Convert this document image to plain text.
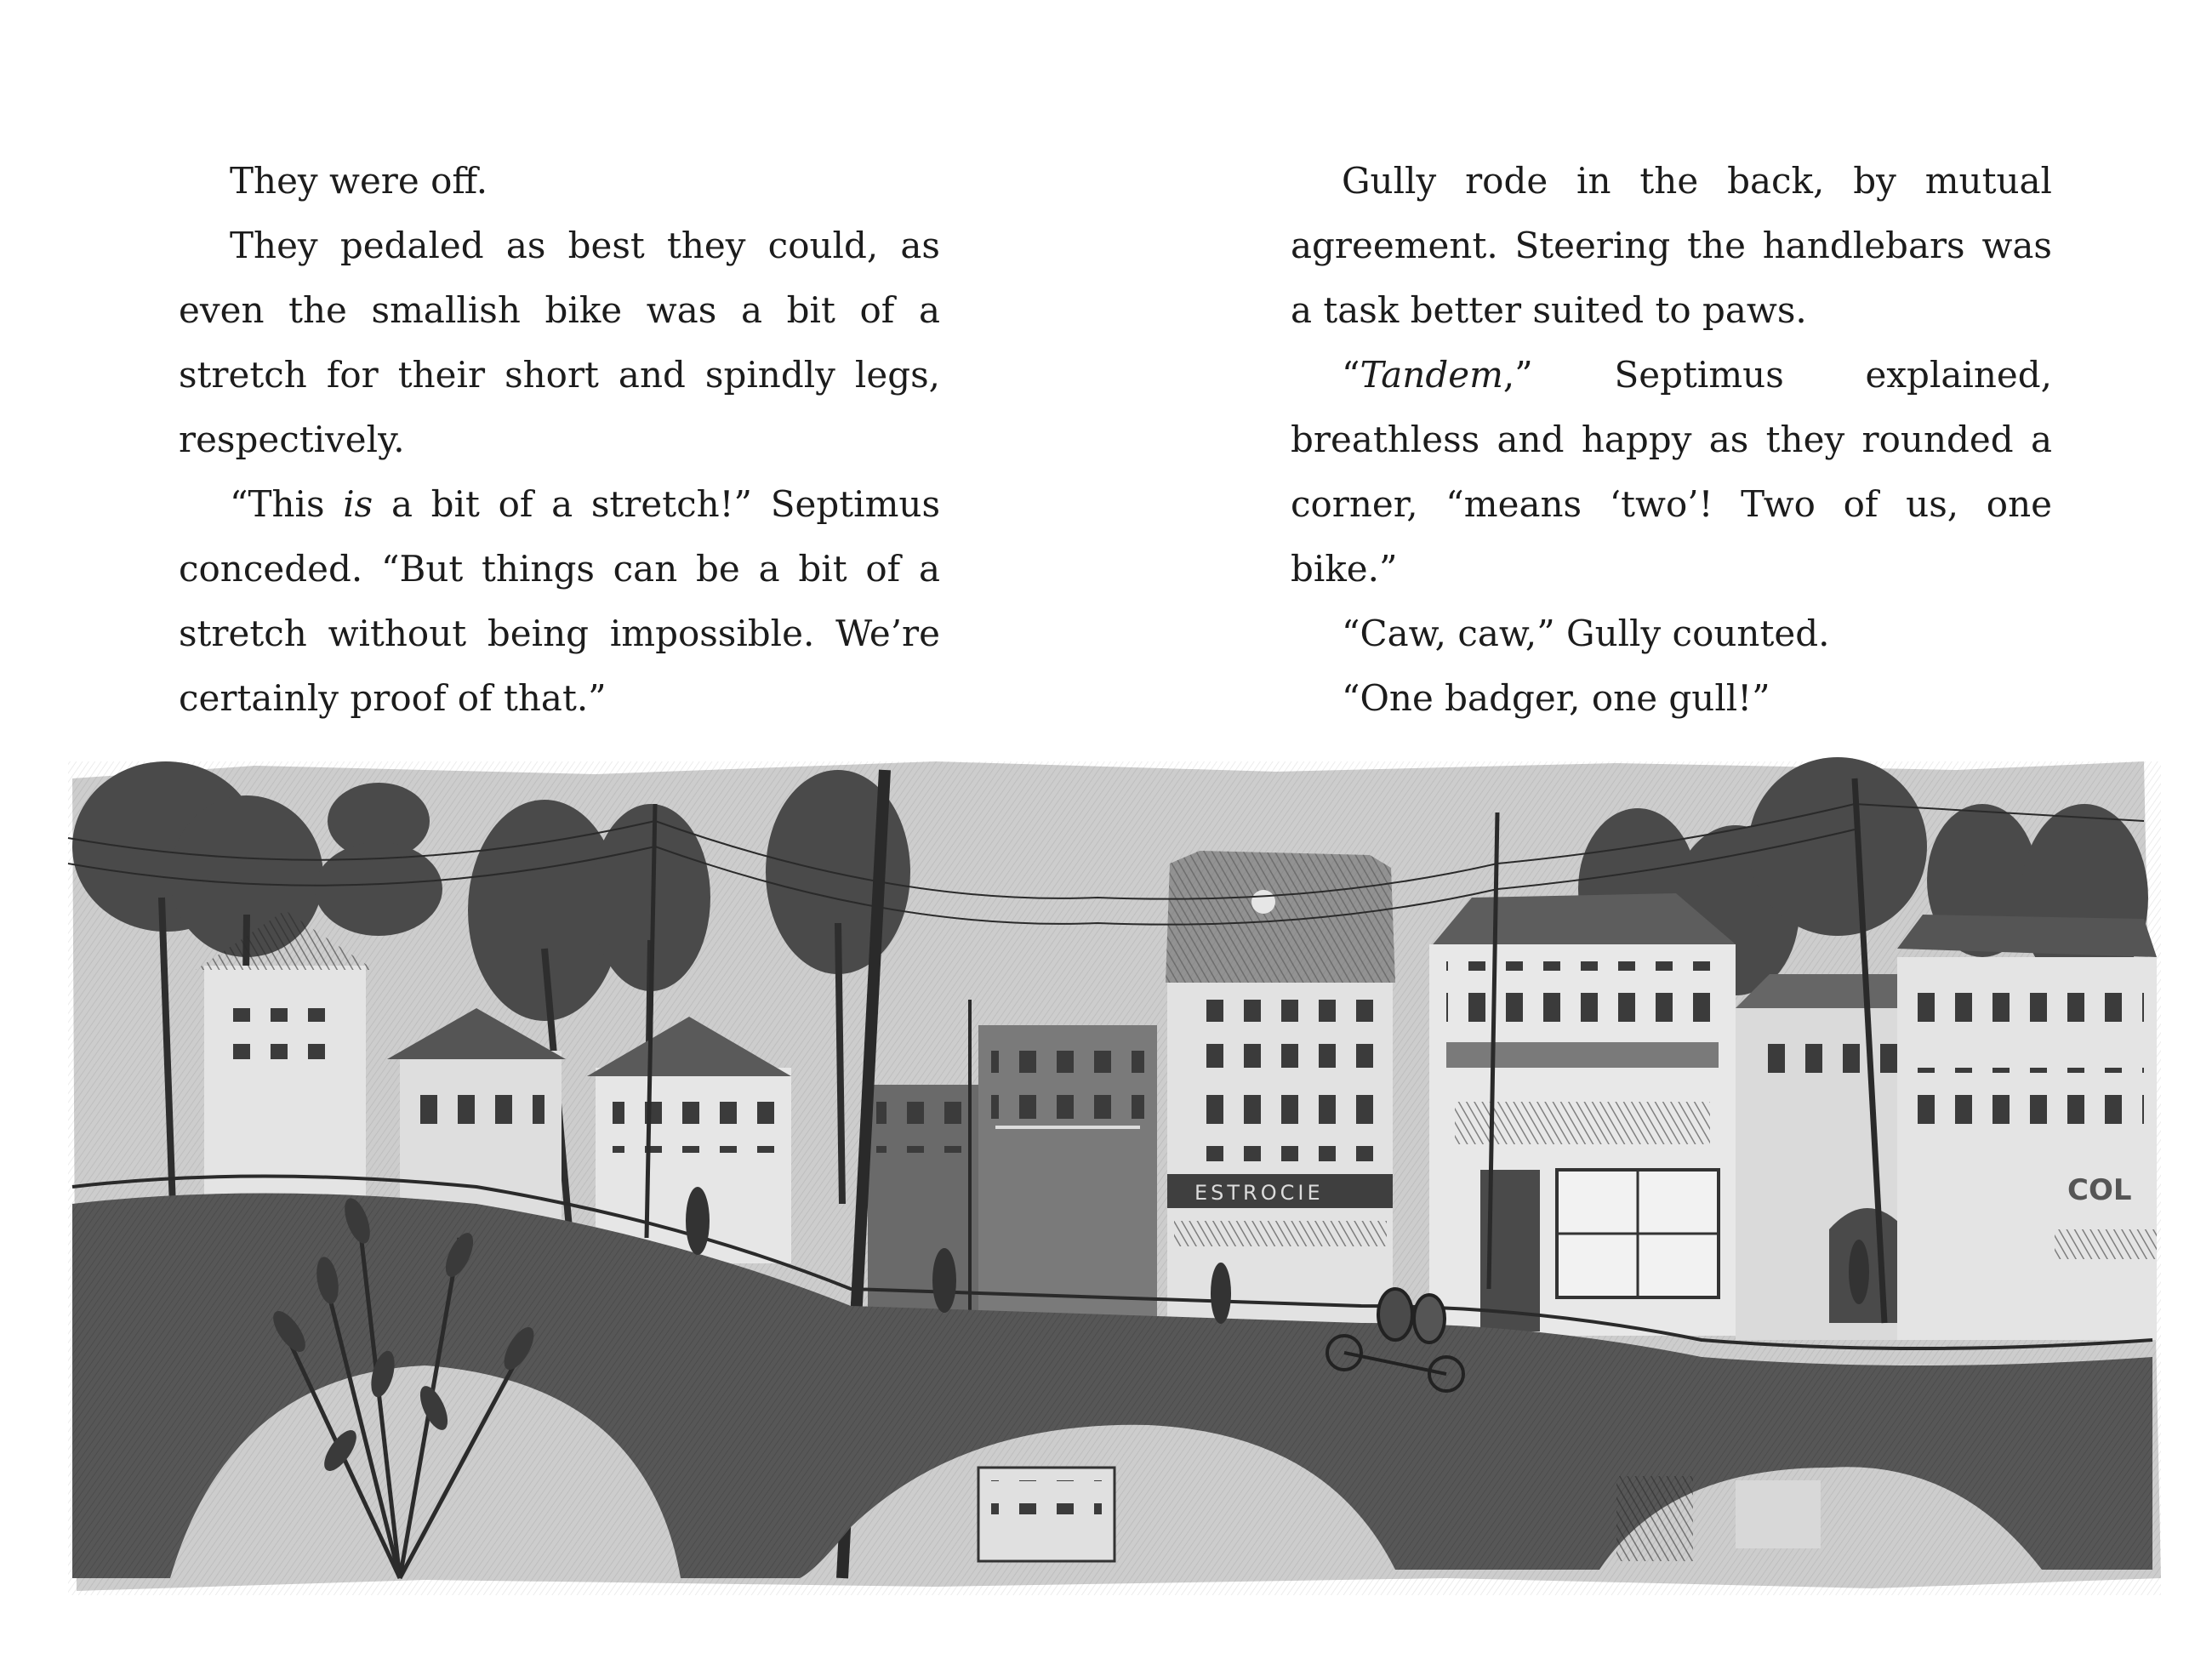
They were off.

They pedaled as best they could, as even the smallish bike was a bit of a stretch for their short and spindly legs, respectively.

“This is a bit of a stretch!” Septimus conceded. “But things can be a bit of a stretch without being impossible. We’re certainly proof of that.”

Gully rode in the back, by mutual agreement. Steering the handlebars was a task better suited to paws.

“Tandem,” Septimus explained, breathless and happy as they rounded a corner, “means ‘two’! Two of us, one bike.”

“Caw, caw,” Gully counted.

“One badger, one gull!”

ESTROCIE	COL
